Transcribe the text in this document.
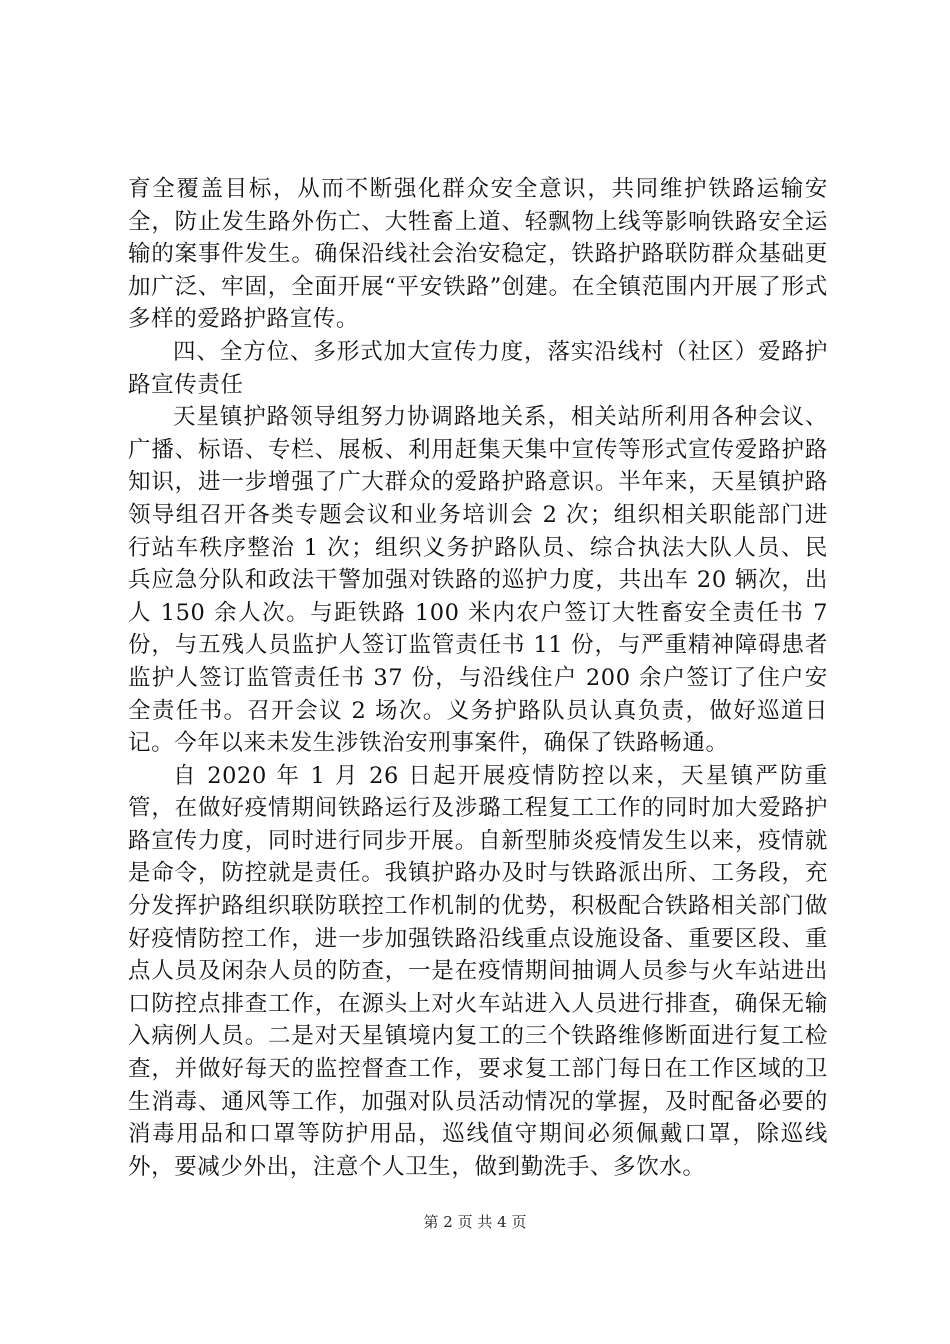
育全覆盖目标，从而不断强化群众安全意识，共同维护铁路运输安全，防止发生路外伤亡、大牲畜上道、轻飘物上线等影响铁路安全运输的案事件发生。确保沿线社会治安稳定，铁路护路联防群众基础更加广泛、牢固，全面开展“平安铁路”创建。在全镇范围内开展了形式多样的爱路护路宣传。

四、全方位、多形式加大宣传力度，落实沿线村（社区）爱路护路宣传责任

天星镇护路领导组努力协调路地关系，相关站所利用各种会议、广播、标语、专栏、展板、利用赶集天集中宣传等形式宣传爱路护路知识，进一步增强了广大群众的爱路护路意识。半年来，天星镇护路领导组召开各类专题会议和业务培训会 2 次；组织相关职能部门进行站车秩序整治 1 次；组织义务护路队员、综合执法大队人员、民兵应急分队和政法干警加强对铁路的巡护力度，共出车 20 辆次，出人 150 余人次。与距铁路 100 米内农户签订大牲畜安全责任书 7 份，与五残人员监护人签订监管责任书 11 份，与严重精神障碍患者监护人签订监管责任书 37 份，与沿线住户 200 余户签订了住户安全责任书。召开会议 2 场次。义务护路队员认真负责，做好巡道日记。今年以来未发生涉铁治安刑事案件，确保了铁路畅通。

自 2020 年 1 月 26 日起开展疫情防控以来，天星镇严防重管，在做好疫情期间铁路运行及涉璐工程复工工作的同时加大爱路护路宣传力度，同时进行同步开展。自新型肺炎疫情发生以来，疫情就是命令，防控就是责任。我镇护路办及时与铁路派出所、工务段，充分发挥护路组织联防联控工作机制的优势，积极配合铁路相关部门做好疫情防控工作，进一步加强铁路沿线重点设施设备、重要区段、重点人员及闲杂人员的防查，一是在疫情期间抽调人员参与火车站进出口防控点排查工作，在源头上对火车站进入人员进行排查，确保无输入病例人员。二是对天星镇境内复工的三个铁路维修断面进行复工检查，并做好每天的监控督查工作，要求复工部门每日在工作区域的卫生消毒、通风等工作，加强对队员活动情况的掌握，及时配备必要的消毒用品和口罩等防护用品，巡线值守期间必须佩戴口罩，除巡线外，要减少外出，注意个人卫生，做到勤洗手、多饮水。

第 2 页 共 4 页
